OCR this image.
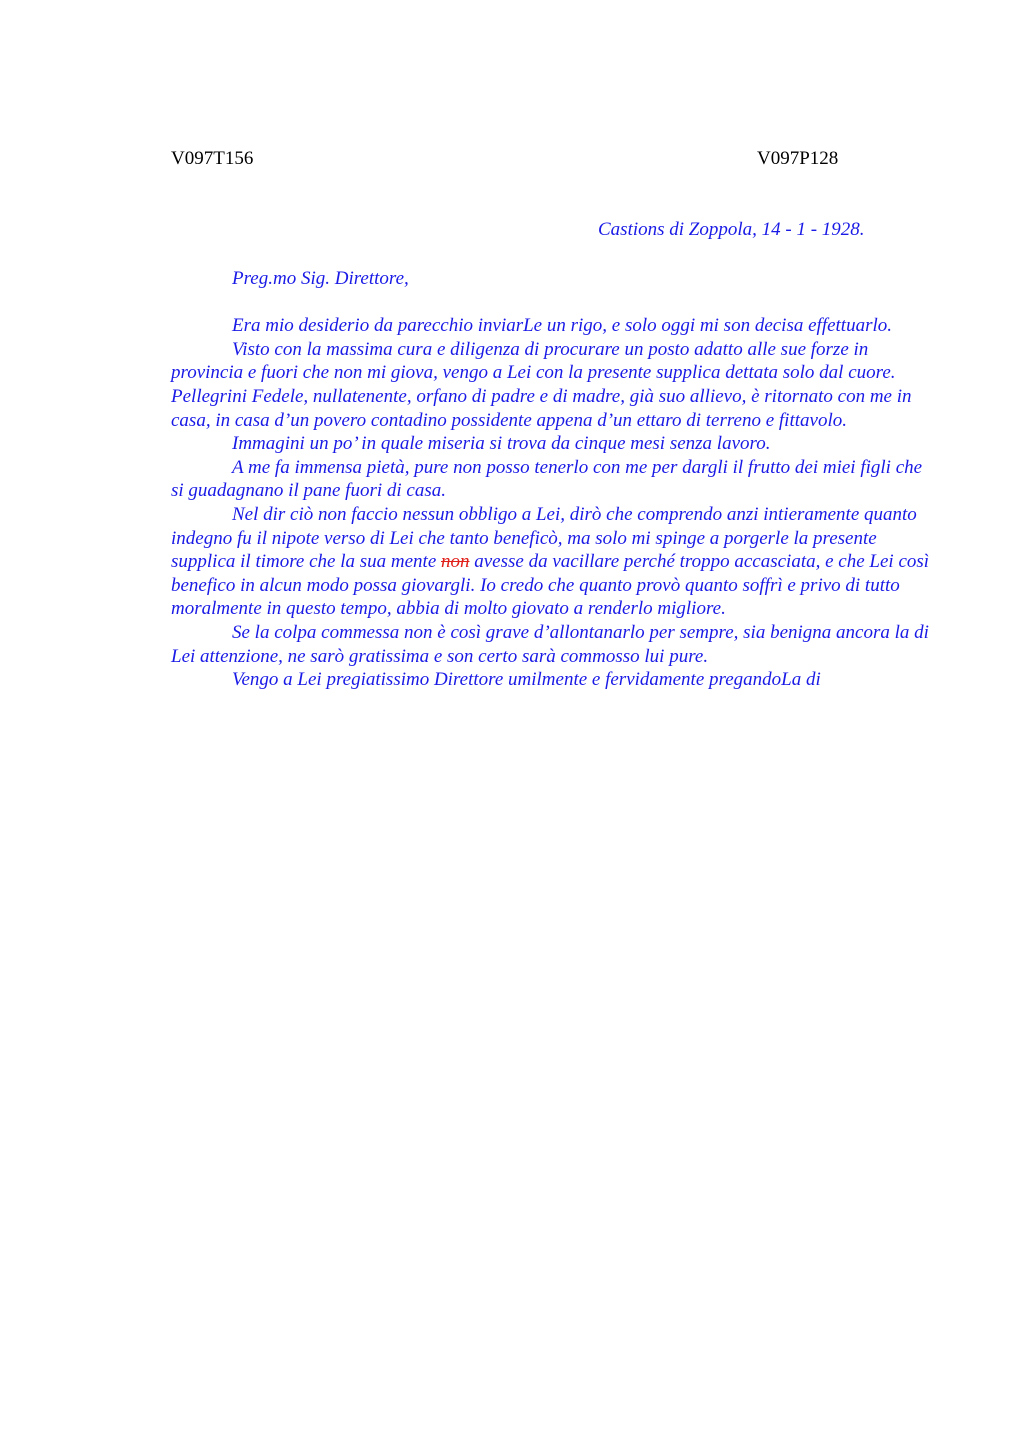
V097T156	V097P128
Castions di Zoppola, 14 - 1 - 1928.
Preg.mo Sig. Direttore,

Era mio desiderio da parecchio inviarLe un rigo, e solo oggi mi son decisa effettuarlo.

Visto con la massima cura e diligenza di procurare un posto adatto alle sue forze in provincia e fuori che non mi giova, vengo a Lei con la presente supplica dettata solo dal cuore. Pellegrini Fedele, nullatenente, orfano di padre e di madre, già suo allievo, è ritornato con me in casa, in casa d’un povero contadino possidente appena d’un ettaro di terreno e fittavolo.

Immagini un po’ in quale miseria si trova da cinque mesi senza lavoro.

A me fa immensa pietà, pure non posso tenerlo con me per dargli il frutto dei miei figli che si guadagnano il pane fuori di casa.

Nel dir ciò non faccio nessun obbligo a Lei, dirò che comprendo anzi intieramente quanto indegno fu il nipote verso di Lei che tanto beneficò, ma solo mi spinge a porgerle la presente supplica il timore che la sua mente non avesse da vacillare perché troppo accasciata, e che Lei così benefico in alcun modo possa giovargli. Io credo che quanto provò quanto soffrì e privo di tutto moralmente in questo tempo, abbia di molto giovato a renderlo migliore.

Se la colpa commessa non è così grave d’allontanarlo per sempre, sia benigna ancora la di Lei attenzione, ne sarò gratissima e son certo sarà commosso lui pure.

Vengo a Lei pregiatissimo Direttore umilmente e fervidamente pregandoLa di
